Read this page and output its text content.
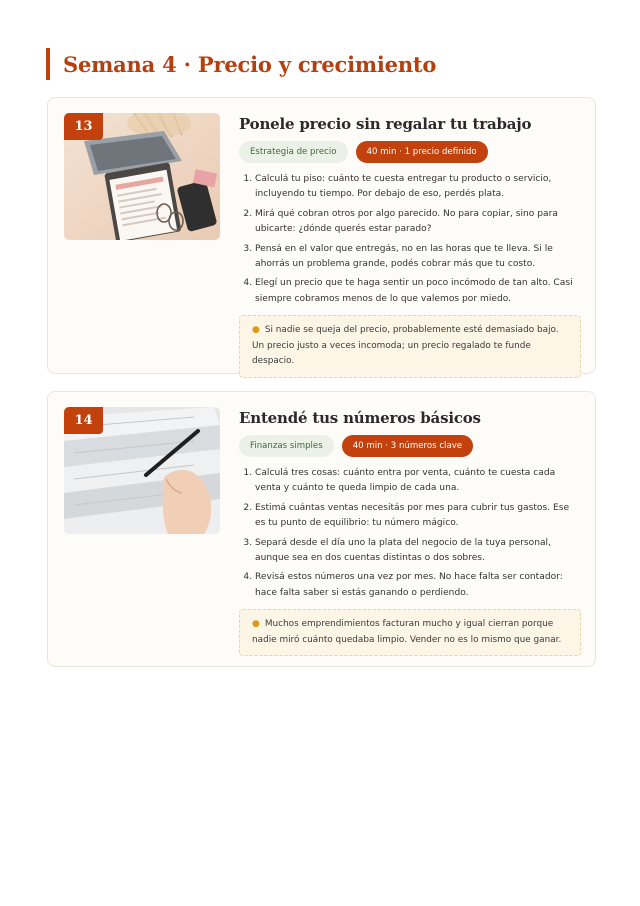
Semana 4 · Precio y crecimiento
13	Ponele precio sin regalar tu trabajo
Estrategia de precio	40 min · 1 precio definido
1. Calculá tu piso: cuánto te cuesta entregar tu producto o servicio, incluyendo tu tiempo. Por debajo de eso, perdés plata.
2. Mirá qué cobran otros por algo parecido. No para copiar, sino para ubicarte: ¿dónde querés estar parado?
3. Pensá en el valor que entregás, no en las horas que te lleva. Si le ahorrás un problema grande, podés cobrar más que tu costo.
4. Elegí un precio que te haga sentir un poco incómodo de tan alto. Casi siempre cobramos menos de lo que valemos por miedo.
● Si nadie se queja del precio, probablemente esté demasiado bajo. Un precio justo a veces incomoda; un precio regalado te funde despacio.
14	Entendé tus números básicos
Finanzas simples	40 min · 3 números clave
1. Calculá tres cosas: cuánto entra por venta, cuánto te cuesta cada venta y cuánto te queda limpio de cada una.
2. Estimá cuántas ventas necesitás por mes para cubrir tus gastos. Ese es tu punto de equilibrio: tu número mágico.
3. Separá desde el día uno la plata del negocio de la tuya personal, aunque sea en dos cuentas distintas o dos sobres.
4. Revisá estos números una vez por mes. No hace falta ser contador: hace falta saber si estás ganando o perdiendo.
● Muchos emprendimientos facturan mucho y igual cierran porque nadie miró cuánto quedaba limpio. Vender no es lo mismo que ganar.
